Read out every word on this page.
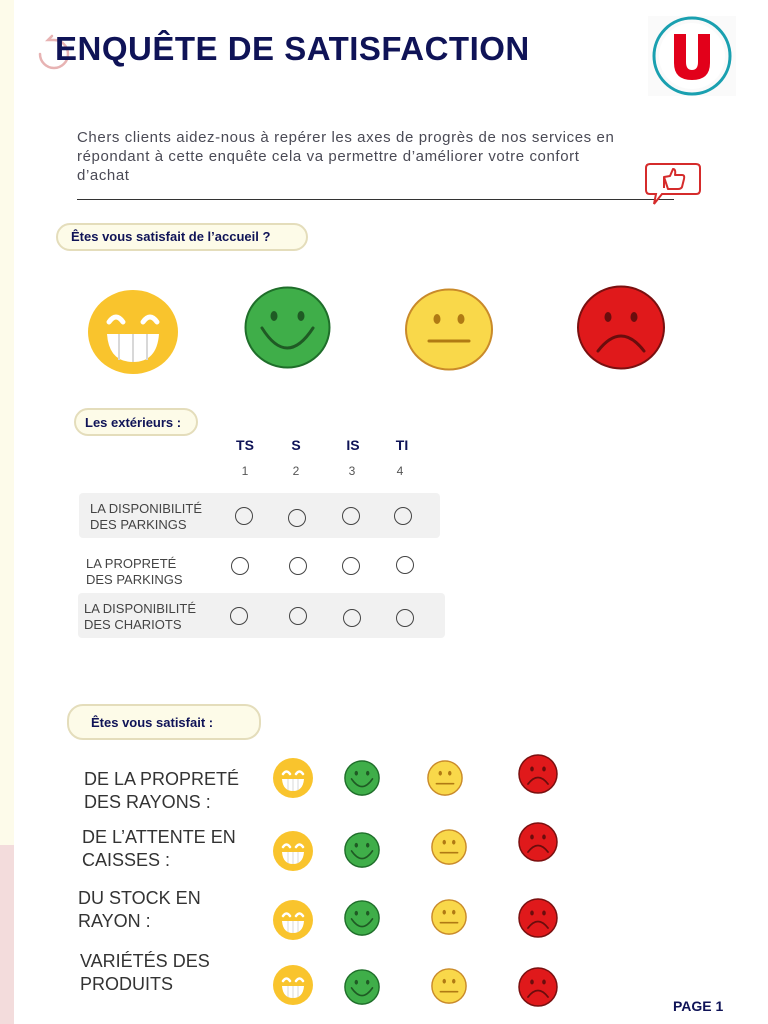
ENQUÊTE DE SATISFACTION
Chers clients aidez-nous à repérer les axes de progrès de nos services en
répondant à cette enquête cela va permettre d’améliorer votre confort
d’achat
Êtes vous satisfait de l’accueil ?
Les extérieurs :
TS	S	IS	TI
1	2	3	4
LA DISPONIBILITÉ
DES PARKINGS
LA PROPRETÉ
DES PARKINGS
LA DISPONIBILITÉ
DES CHARIOTS
Êtes vous satisfait :
DE LA PROPRETÉ
DES RAYONS :
DE L’ATTENTE EN
CAISSES :
DU STOCK EN
RAYON :
VARIÉTÉS DES
PRODUITS
PAGE 1
